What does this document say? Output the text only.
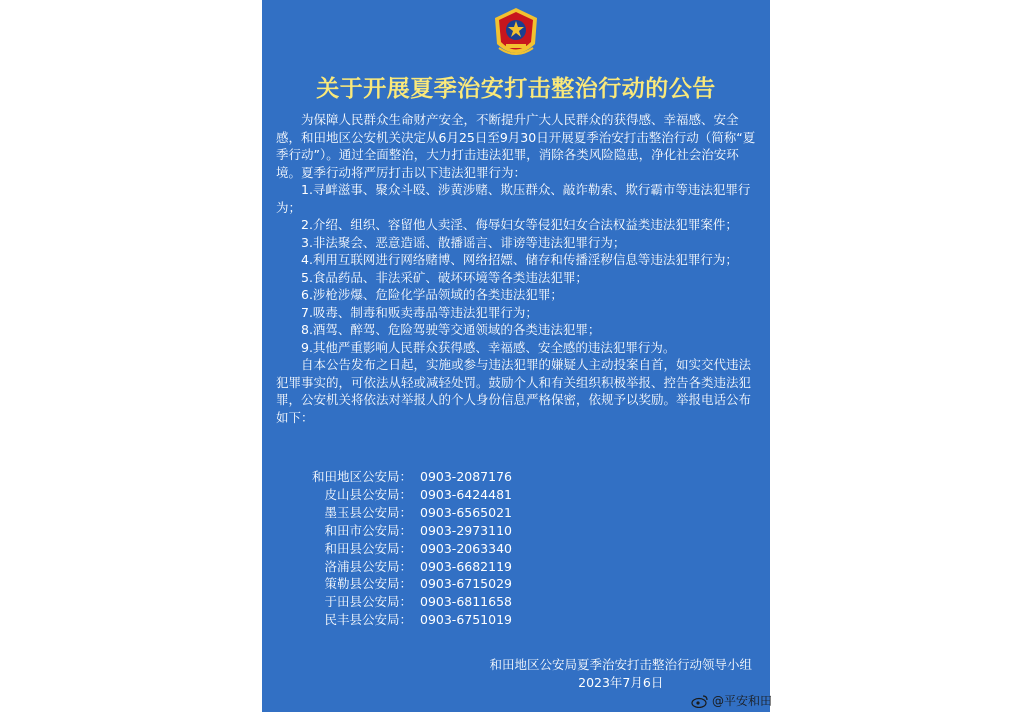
关于开展夏季治安打击整治行动的公告

为保障人民群众生命财产安全，不断提升广大人民群众的获得感、幸福感、安全感，和田地区公安机关决定从6月25日至9月30日开展夏季治安打击整治行动（简称“夏季行动”）。通过全面整治，大力打击违法犯罪，消除各类风险隐患，净化社会治安环境。夏季行动将严厉打击以下违法犯罪行为：

1.寻衅滋事、聚众斗殴、涉黄涉赌、欺压群众、敲诈勒索、欺行霸市等违法犯罪行为；

2.介绍、组织、容留他人卖淫、侮辱妇女等侵犯妇女合法权益类违法犯罪案件；

3.非法聚会、恶意造谣、散播谣言、诽谤等违法犯罪行为；

4.利用互联网进行网络赌博、网络招嫖、储存和传播淫秽信息等违法犯罪行为；

5.食品药品、非法采矿、破坏环境等各类违法犯罪；

6.涉枪涉爆、危险化学品领域的各类违法犯罪；

7.吸毒、制毒和贩卖毒品等违法犯罪行为；

8.酒驾、醉驾、危险驾驶等交通领域的各类违法犯罪；

9.其他严重影响人民群众获得感、幸福感、安全感的违法犯罪行为。

自本公告发布之日起，实施或参与违法犯罪的嫌疑人主动投案自首，如实交代违法犯罪事实的，可依法从轻或减轻处罚。鼓励个人和有关组织积极举报、控告各类违法犯罪，公安机关将依法对举报人的个人身份信息严格保密，依规予以奖励。举报电话公布如下：

和田地区公安局： 0903-2087176
皮山县公安局： 0903-6424481
墨玉县公安局： 0903-6565021
和田市公安局： 0903-2973110
和田县公安局： 0903-2063340
洛浦县公安局： 0903-6682119
策勒县公安局： 0903-6715029
于田县公安局： 0903-6811658
民丰县公安局： 0903-6751019
和田地区公安局夏季治安打击整治行动领导小组
2023年7月6日
@平安和田
